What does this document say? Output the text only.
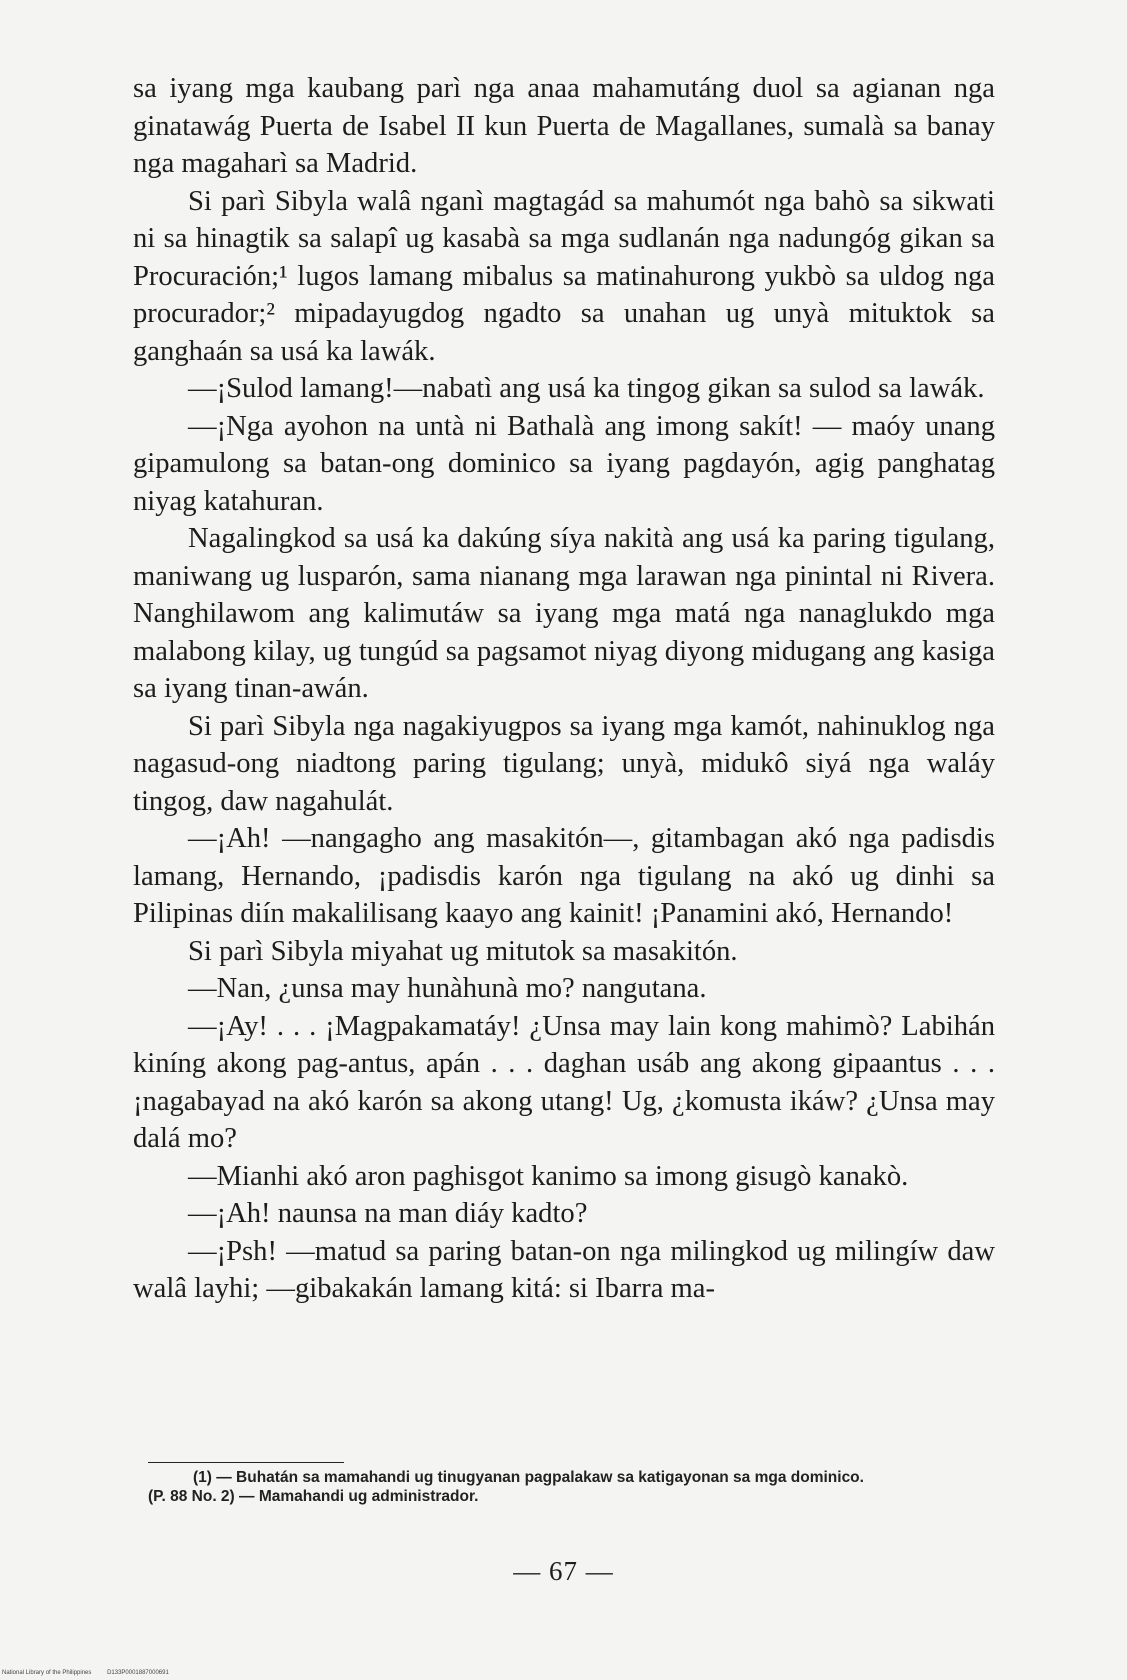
sa iyang mga kaubang parì nga anaa mahamutáng duol sa agianan nga ginatawág Puerta de Isabel II kun Puerta de Magallanes, sumalà sa banay nga magaharì sa Madrid.

Si parì Sibyla walâ nganì magtagád sa mahumót nga bahò sa sikwati ni sa hinagtik sa salapî ug kasabà sa mga sudlanán nga nadungóg gikan sa Procuración;¹ lugos lamang mibalus sa matinahurong yukbò sa uldog nga procurador;² mipadayugdog ngadto sa unahan ug unyà mituktok sa ganghaán sa usá ka lawák.

—¡Sulod lamang!—nabatì ang usá ka tingog gikan sa sulod sa lawák.

—¡Nga ayohon na untà ni Bathalà ang imong sakít! — maóy unang gipamulong sa batan-ong dominico sa iyang pagdayón, agig panghatag niyag katahuran.

Nagalingkod sa usá ka dakúng síya nakità ang usá ka paring tigulang, maniwang ug lusparón, sama nianang mga larawan nga pinintal ni Rivera. Nanghilawom ang kalimutáw sa iyang mga matá nga nanaglukdo mga malabong kilay, ug tungúd sa pagsamot niyag diyong midugang ang kasiga sa iyang tinan-awán.

Si parì Sibyla nga nagakiyugpos sa iyang mga kamót, nahinuklog nga nagasud-ong niadtong paring tigulang; unyà, midukô siyá nga waláy tingog, daw nagahulát.

—¡Ah! —nangagho ang masakitón—, gitambagan akó nga padisdis lamang, Hernando, ¡padisdis karón nga tigulang na akó ug dinhi sa Pilipinas diín makalilisang kaayo ang kainit! ¡Panamini akó, Hernando!

Si parì Sibyla miyahat ug mitutok sa masakitón.

—Nan, ¿unsa may hunàhunà mo? nangutana.

—¡Ay! . . . ¡Magpakamatáy! ¿Unsa may lain kong mahimò? Labihán kiníng akong pag-antus, apán . . . daghan usáb ang akong gipaantus . . . ¡nagabayad na akó karón sa akong utang! Ug, ¿komusta ikáw? ¿Unsa may dalá mo?

—Mianhi akó aron paghisgot kanimo sa imong gisugò kanakò.

—¡Ah! naunsa na man diáy kadto?

—¡Psh! —matud sa paring batan-on nga milingkod ug milingíw daw walâ layhi; —gibakakán lamang kitá: si Ibarra ma-

(1) — Buhatán sa mamahandi ug tinugyanan pagpalakaw sa katigayonan sa mga dominico.

(P. 88 No. 2) — Mamahandi ug administrador.

— 67 —
National Library of the Philippines	D133P0001887000691
